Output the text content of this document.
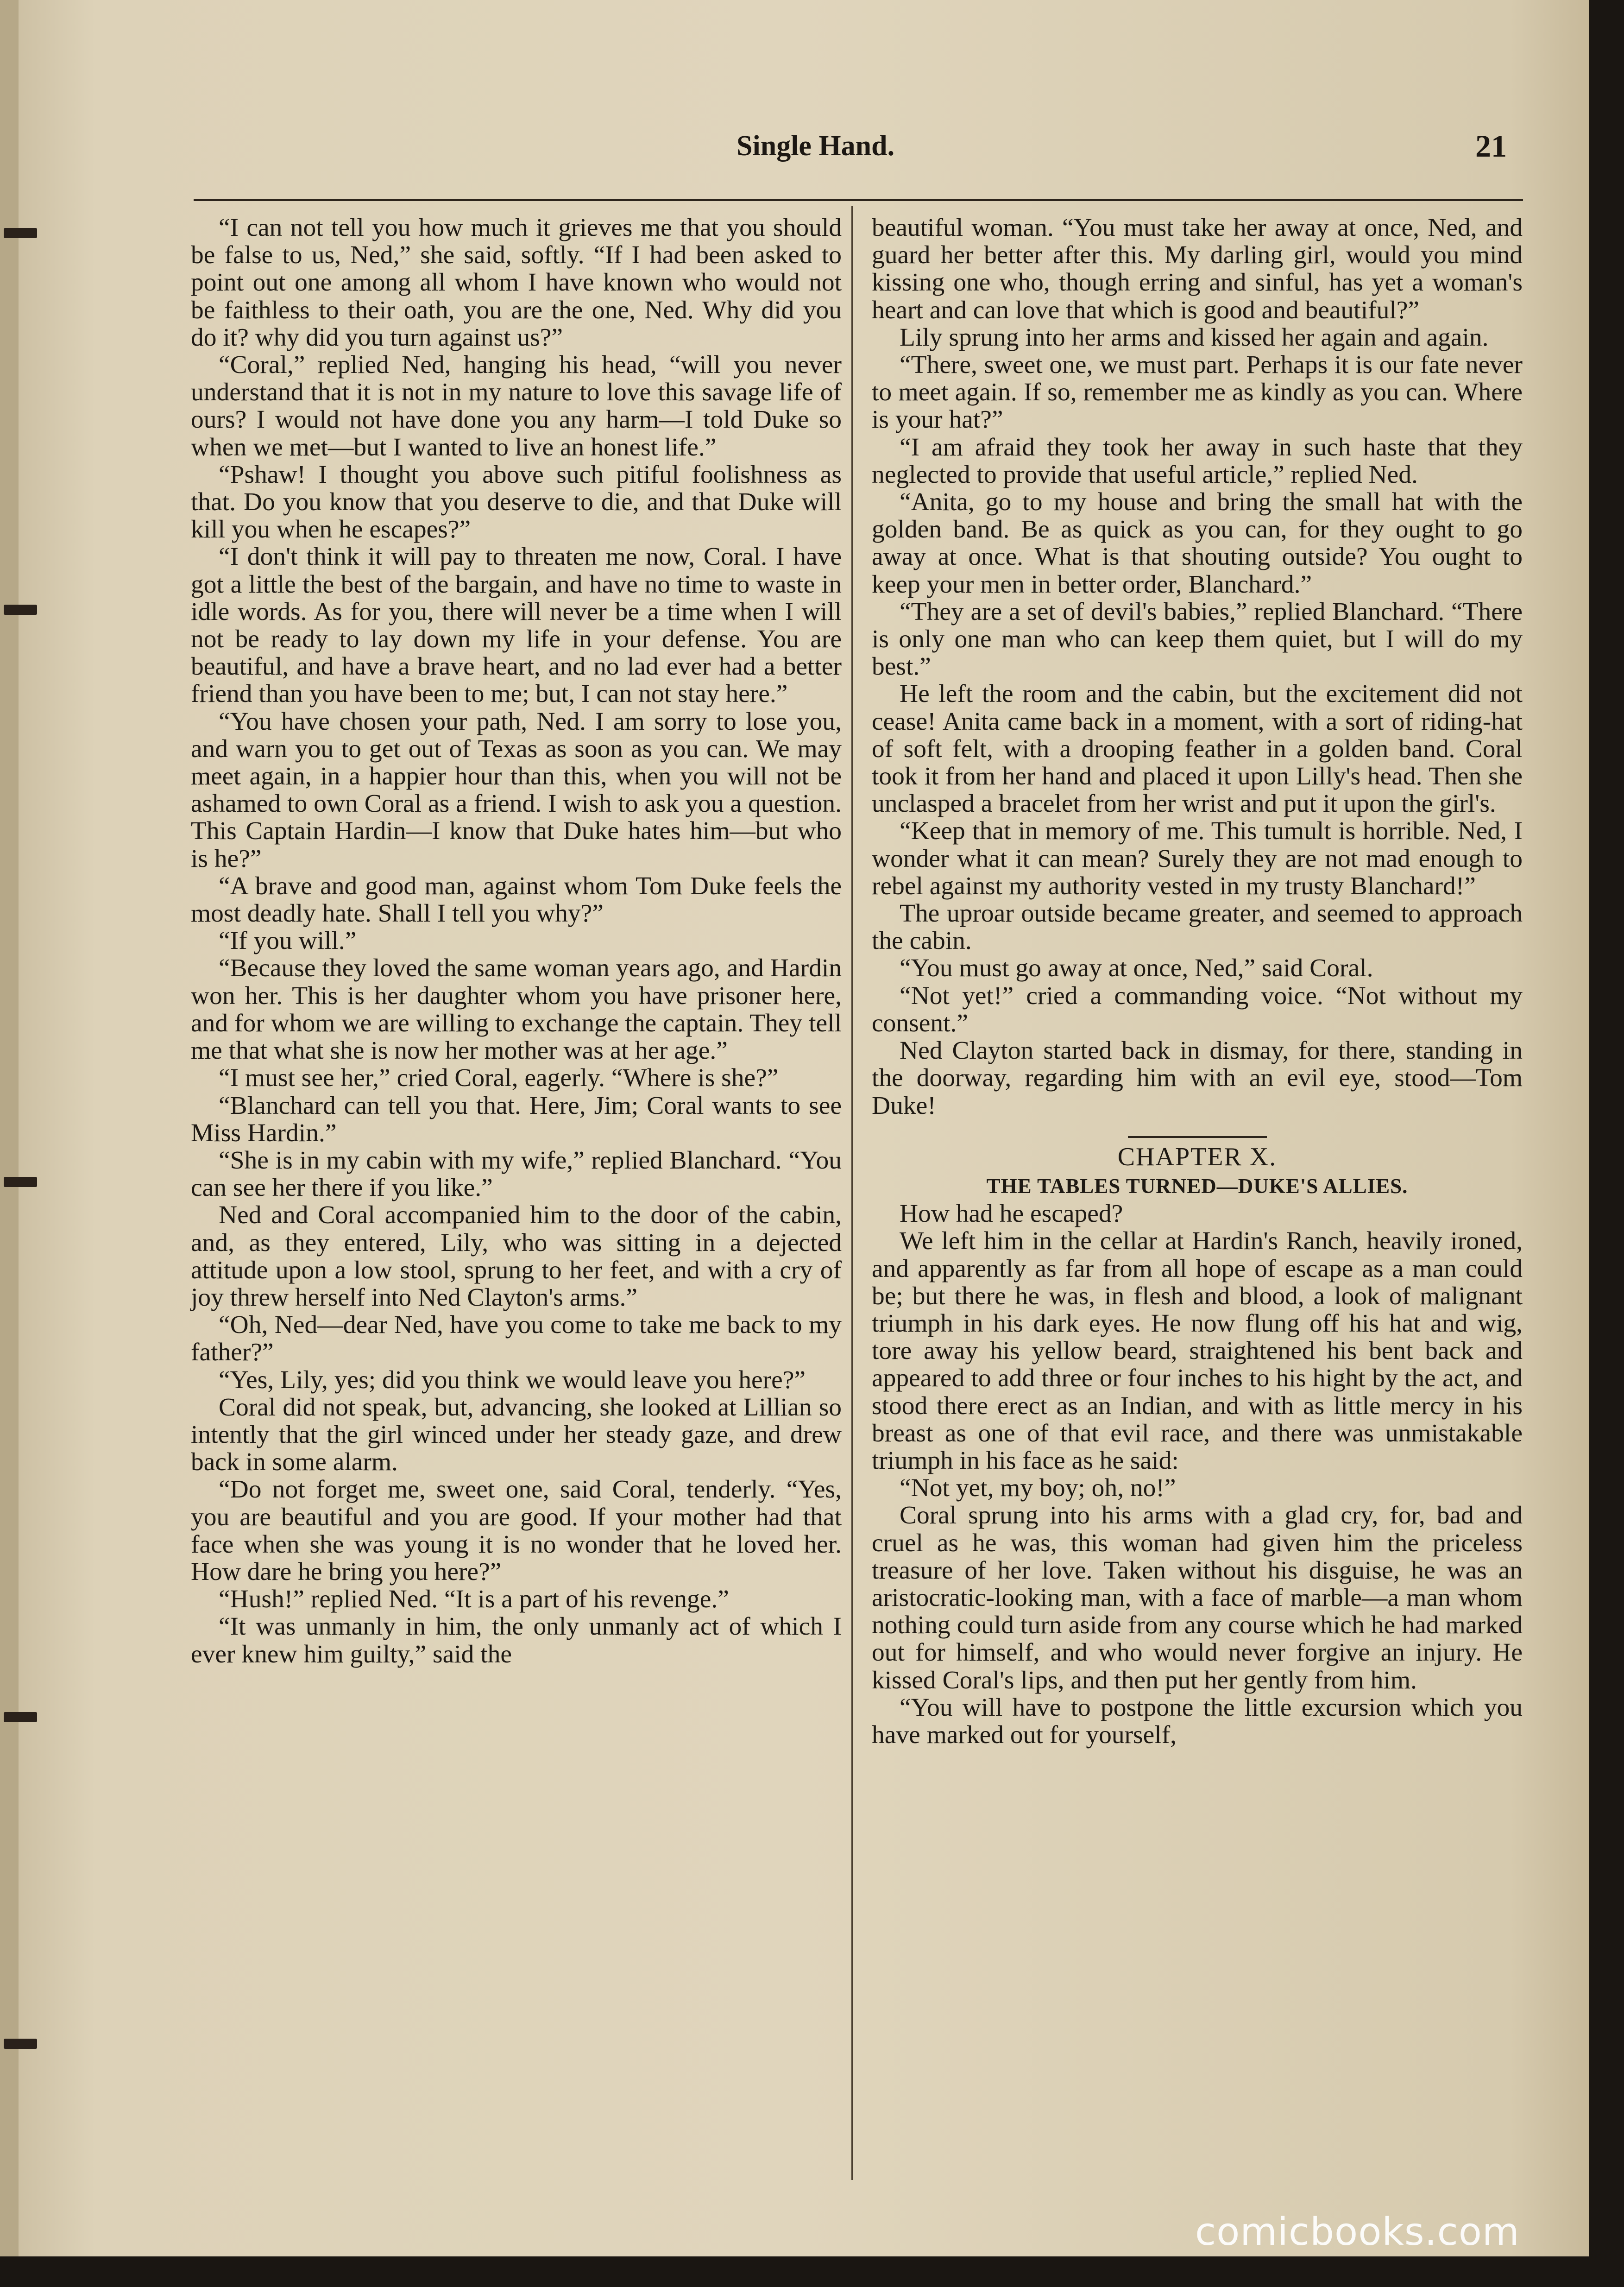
Single Hand.	21

“I can not tell you how much it grieves me that you should be false to us, Ned,” she said, softly. “If I had been asked to point out one among all whom I have known who would not be faithless to their oath, you are the one, Ned. Why did you do it? why did you turn against us?”

“Coral,” replied Ned, hanging his head, “will you never understand that it is not in my nature to love this savage life of ours? I would not have done you any harm—I told Duke so when we met—but I wanted to live an honest life.”

“Pshaw! I thought you above such pitiful foolishness as that. Do you know that you deserve to die, and that Duke will kill you when he escapes?”

“I don't think it will pay to threaten me now, Coral. I have got a little the best of the bargain, and have no time to waste in idle words. As for you, there will never be a time when I will not be ready to lay down my life in your defense. You are beautiful, and have a brave heart, and no lad ever had a better friend than you have been to me; but, I can not stay here.”

“You have chosen your path, Ned. I am sorry to lose you, and warn you to get out of Texas as soon as you can. We may meet again, in a happier hour than this, when you will not be ashamed to own Coral as a friend. I wish to ask you a question. This Captain Hardin—I know that Duke hates him—but who is he?”

“A brave and good man, against whom Tom Duke feels the most deadly hate. Shall I tell you why?”

“If you will.”

“Because they loved the same woman years ago, and Hardin won her. This is her daughter whom you have prisoner here, and for whom we are willing to exchange the captain. They tell me that what she is now her mother was at her age.”

“I must see her,” cried Coral, eagerly. “Where is she?”

“Blanchard can tell you that. Here, Jim; Coral wants to see Miss Hardin.”

“She is in my cabin with my wife,” replied Blanchard. “You can see her there if you like.”

Ned and Coral accompanied him to the door of the cabin, and, as they entered, Lily, who was sitting in a dejected attitude upon a low stool, sprung to her feet, and with a cry of joy threw herself into Ned Clayton's arms.”

“Oh, Ned—dear Ned, have you come to take me back to my father?”

“Yes, Lily, yes; did you think we would leave you here?”

Coral did not speak, but, advancing, she looked at Lillian so intently that the girl winced under her steady gaze, and drew back in some alarm.

“Do not forget me, sweet one, said Coral, tenderly. “Yes, you are beautiful and you are good. If your mother had that face when she was young it is no wonder that he loved her. How dare he bring you here?”

“Hush!” replied Ned. “It is a part of his revenge.”

“It was unmanly in him, the only unmanly act of which I ever knew him guilty,” said the

beautiful woman. “You must take her away at once, Ned, and guard her better after this. My darling girl, would you mind kissing one who, though erring and sinful, has yet a woman's heart and can love that which is good and beautiful?”

Lily sprung into her arms and kissed her again and again.

“There, sweet one, we must part. Perhaps it is our fate never to meet again. If so, remember me as kindly as you can. Where is your hat?”

“I am afraid they took her away in such haste that they neglected to provide that useful article,” replied Ned.

“Anita, go to my house and bring the small hat with the golden band. Be as quick as you can, for they ought to go away at once. What is that shouting outside? You ought to keep your men in better order, Blanchard.”

“They are a set of devil's babies,” replied Blanchard. “There is only one man who can keep them quiet, but I will do my best.”

He left the room and the cabin, but the excitement did not cease! Anita came back in a moment, with a sort of riding-hat of soft felt, with a drooping feather in a golden band. Coral took it from her hand and placed it upon Lilly's head. Then she unclasped a bracelet from her wrist and put it upon the girl's.

“Keep that in memory of me. This tumult is horrible. Ned, I wonder what it can mean? Surely they are not mad enough to rebel against my authority vested in my trusty Blanchard!”

The uproar outside became greater, and seemed to approach the cabin.

“You must go away at once, Ned,” said Coral.

“Not yet!” cried a commanding voice. “Not without my consent.”

Ned Clayton started back in dismay, for there, standing in the doorway, regarding him with an evil eye, stood—Tom Duke!

CHAPTER X.
THE TABLES TURNED—DUKE'S ALLIES.

How had he escaped?

We left him in the cellar at Hardin's Ranch, heavily ironed, and apparently as far from all hope of escape as a man could be; but there he was, in flesh and blood, a look of malignant triumph in his dark eyes. He now flung off his hat and wig, tore away his yellow beard, straightened his bent back and appeared to add three or four inches to his hight by the act, and stood there erect as an Indian, and with as little mercy in his breast as one of that evil race, and there was unmistakable triumph in his face as he said:

“Not yet, my boy; oh, no!”

Coral sprung into his arms with a glad cry, for, bad and cruel as he was, this woman had given him the priceless treasure of her love. Taken without his disguise, he was an aristocratic-looking man, with a face of marble—a man whom nothing could turn aside from any course which he had marked out for himself, and who would never forgive an injury. He kissed Coral's lips, and then put her gently from him.

“You will have to postpone the little excursion which you have marked out for yourself,

comicbooks.com
